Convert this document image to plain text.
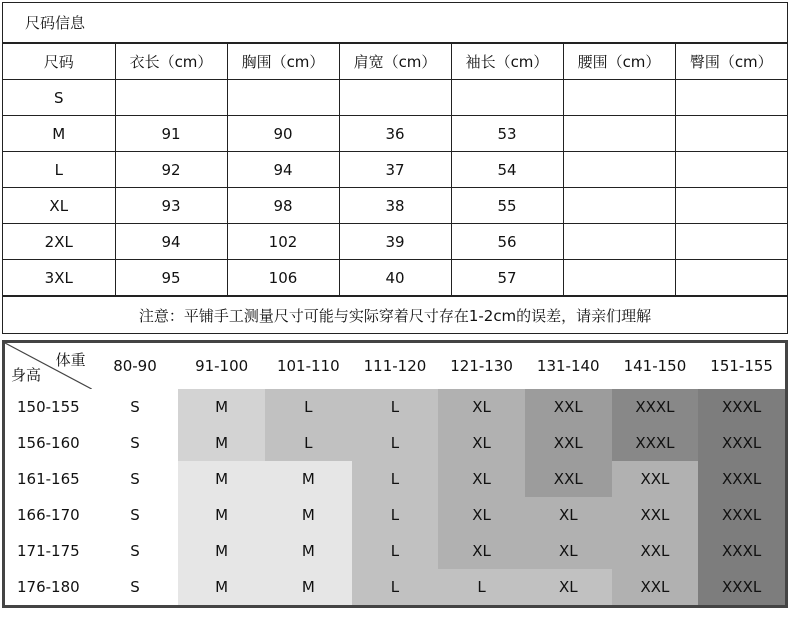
尺码信息
尺码	衣长（cm）	胸围（cm）	肩宽（cm）	袖长（cm）	腰围（cm）	臀围（cm）
S						
M	91	90	36	53		
L	92	94	37	54		
XL	93	98	38	55		
2XL	94	102	39	56		
3XL	95	106	40	57		
注意：平铺手工测量尺寸可能与实际穿着尺寸存在1-2cm的误差，请亲们理解
体重
身高	80-90	91-100	101-110	111-120	121-130	131-140	141-150	151-155
150-155	S	M	L	L	XL	XXL	XXXL	XXXL
156-160	S	M	L	L	XL	XXL	XXXL	XXXL
161-165	S	M	M	L	XL	XXL	XXL	XXXL
166-170	S	M	M	L	XL	XL	XXL	XXXL
171-175	S	M	M	L	XL	XL	XXL	XXXL
176-180	S	M	M	L	L	XL	XXL	XXXL
